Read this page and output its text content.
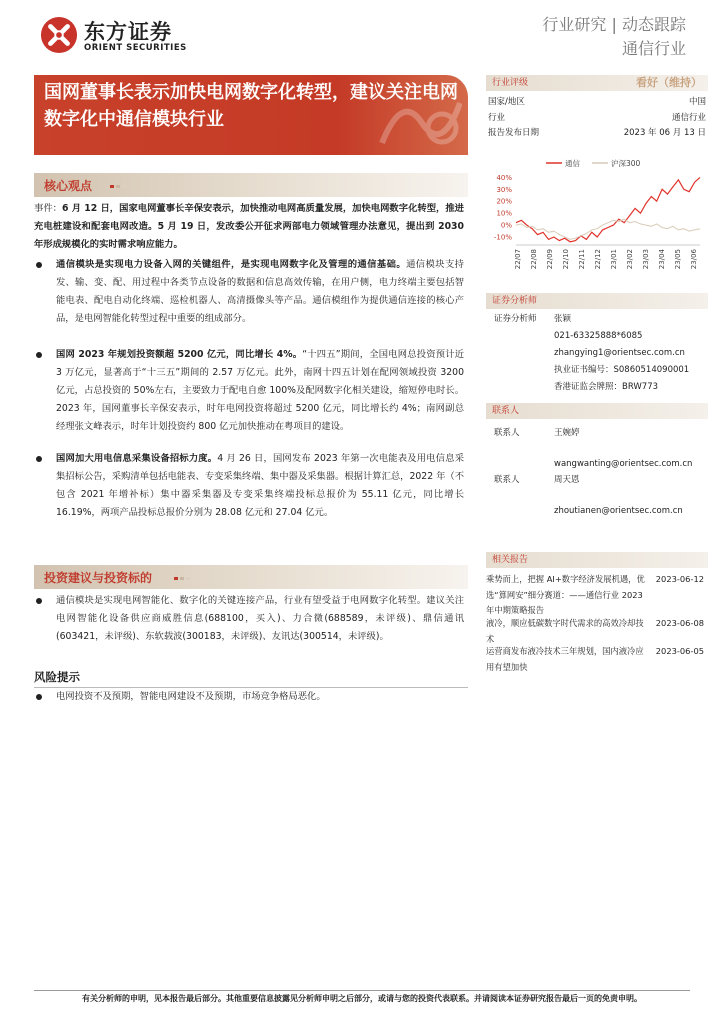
东方证券
ORIENT SECURITIES
行业研究 | 动态跟踪
通信行业
国网董事长表示加快电网数字化转型，建议关注电网数字化中通信模块行业
行业评级	看好（维持）
国家/地区	中国
行业	通信行业
报告发布日期	2023 年 06 月 13 日
通信	沪深300
40%
30%
20%
10%
0%
-10%
22/07 22/08 22/09 22/10 22/11 22/12 23/01 23/02 23/03 23/04 23/05 23/06
证券分析师
证券分析师 张颖
021-63325888*6085
zhangying1@orientsec.com.cn
执业证书编号：S0860514090001
香港证监会牌照：BRW773
联系人
联系人	王婉婷
wangwanting@orientsec.com.cn
联系人	周天恩
zhoutianen@orientsec.com.cn
相关报告
乘势而上，把握 AI+数字经济发展机遇，优选“算网安”细分赛道：——通信行业 2023 年中期策略报告
2023-06-12
液冷，顺应低碳数字时代需求的高效冷却技术
2023-06-08
运营商发布液冷技术三年规划，国内液冷应用有望加快
2023-06-05
核心观点
事件：6 月 12 日，国家电网董事长辛保安表示，加快推动电网高质量发展，加快电网数字化转型，推进充电桩建设和配套电网改造。5 月 19 日，发改委公开征求两部电力领域管理办法意见，提出到 2030 年形成规模化的实时需求响应能力。
通信模块是实现电力设备入网的关键组件，是实现电网数字化及管理的通信基础。通信模块支持发、输、变、配、用过程中各类节点设备的数据和信息高效传输，在用户侧，电力终端主要包括智能电表、配电自动化终端、巡检机器人、高清摄像头等产品。通信模组作为提供通信连接的核心产品，是电网智能化转型过程中重要的组成部分。
国网 2023 年规划投资额超 5200 亿元，同比增长 4%。“十四五”期间，全国电网总投资预计近 3 万亿元，显著高于“十三五”期间的 2.57 万亿元。此外，南网十四五计划在配网领域投资 3200 亿元，占总投资的 50%左右，主要致力于配电自愈 100%及配网数字化相关建设，缩短停电时长。2023 年，国网董事长辛保安表示，时年电网投资将超过 5200 亿元，同比增长约 4%；南网副总经理张文峰表示，时年计划投资约 800 亿元加快推动在粤项目的建设。
国网加大用电信息采集设备招标力度。4 月 26 日，国网发布 2023 年第一次电能表及用电信息采集招标公告，采购清单包括电能表、专变采集终端、集中器及采集器。根据计算汇总，2022 年（不包含 2021 年增补标）集中器采集器及专变采集终端投标总报价为 55.11 亿元，同比增长 16.19%，两项产品投标总报价分别为 28.08 亿元和 27.04 亿元。
投资建议与投资标的
通信模块是实现电网智能化、数字化的关键连接产品，行业有望受益于电网数字化转型。建议关注电网智能化设备供应商威胜信息(688100，买入)、力合微(688589，未评级)、鼎信通讯(603421，未评级)、东软载波(300183，未评级)、友讯达(300514，未评级)。
风险提示
电网投资不及预期，智能电网建设不及预期，市场竞争格局恶化。
有关分析师的申明，见本报告最后部分。其他重要信息披露见分析师申明之后部分，或请与您的投资代表联系。并请阅读本证券研究报告最后一页的免责申明。
